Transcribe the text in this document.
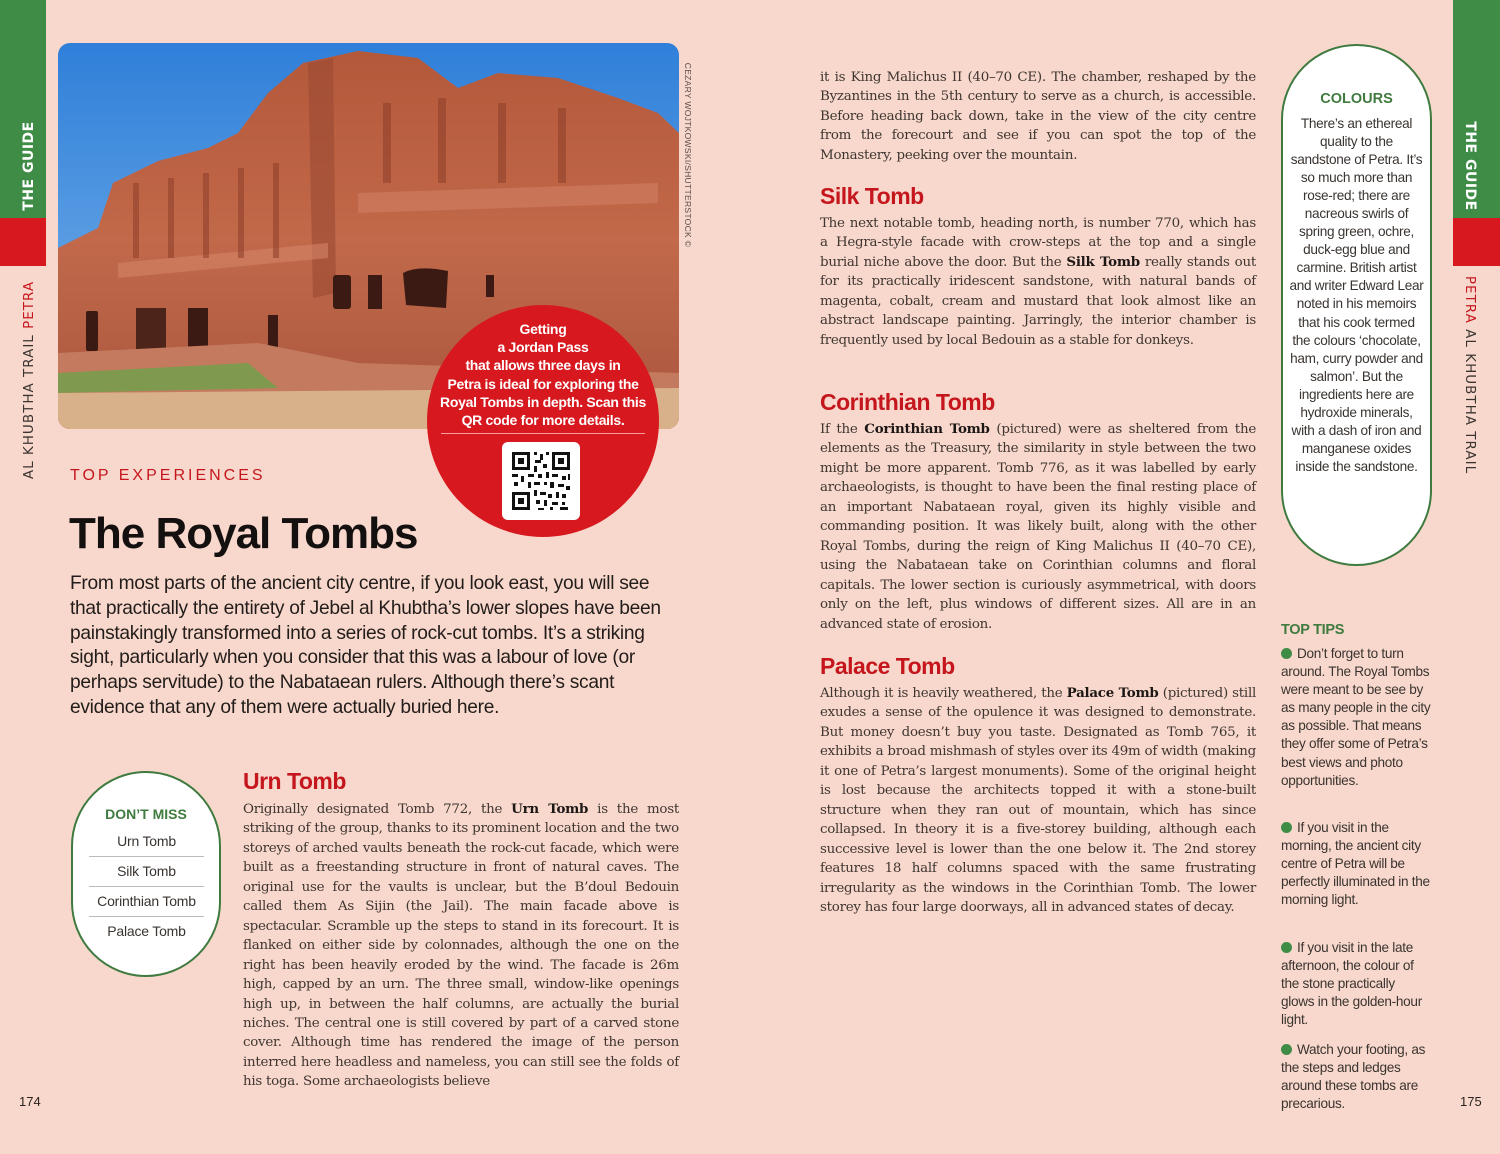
THE GUIDE
AL KHUBTHA TRAIL PETRA
CEZARY WOJTKOWSKI/SHUTTERSTOCK ©
Getting
a Jordan Pass
that allows three days in
Petra is ideal for exploring the
Royal Tombs in depth. Scan this
QR code for more details.
TOP EXPERIENCES
The Royal Tombs
From most parts of the ancient city centre, if you look east, you will see that practically the entirety of Jebel al Khubtha’s lower slopes have been painstakingly transformed into a series of rock-cut tombs. It’s a striking sight, particularly when you consider that this was a labour of love (or perhaps servitude) to the Nabataean rulers. Although there’s scant evidence that any of them were actually buried here.
DON’T MISS
Urn Tomb
Silk Tomb
Corinthian Tomb
Palace Tomb
Urn Tomb
Originally designated Tomb 772, the Urn Tomb is the most striking of the group, thanks to its prominent location and the two storeys of arched vaults beneath the rock-cut facade, which were built as a freestanding structure in front of natural caves. The original use for the vaults is unclear, but the B’doul Bedouin called them As Sijin (the Jail). The main facade above is spectacular. Scramble up the steps to stand in its forecourt. It is flanked on either side by colonnades, although the one on the right has been heavily eroded by the wind. The facade is 26m high, capped by an urn. The three small, window-like openings high up, in between the half columns, are actually the burial niches. The central one is still covered by part of a carved stone cover. Although time has rendered the image of the person interred here headless and nameless, you can still see the folds of his toga. Some archaeologists believe
174
it is King Malichus II (40–70 CE). The chamber, reshaped by the Byzantines in the 5th century to serve as a church, is accessible. Before heading back down, take in the view of the city centre from the forecourt and see if you can spot the top of the Monastery, peeking over the mountain.
Silk Tomb
The next notable tomb, heading north, is number 770, which has a Hegra-style facade with crow-steps at the top and a single burial niche above the door. But the Silk Tomb really stands out for its practically iridescent sandstone, with natural bands of magenta, cobalt, cream and mustard that look almost like an abstract landscape painting. Jarringly, the interior chamber is frequently used by local Bedouin as a stable for donkeys.
Corinthian Tomb
If the Corinthian Tomb (pictured) were as sheltered from the elements as the Treasury, the similarity in style between the two might be more apparent. Tomb 776, as it was labelled by early archaeologists, is thought to have been the final resting place of an important Nabataean royal, given its highly visible and commanding position. It was likely built, along with the other Royal Tombs, during the reign of King Malichus II (40–70 CE), using the Nabataean take on Corinthian columns and floral capitals. The lower section is curiously asymmetrical, with doors only on the left, plus windows of different sizes. All are in an advanced state of erosion.
Palace Tomb
Although it is heavily weathered, the Palace Tomb (pictured) still exudes a sense of the opulence it was designed to demonstrate. But money doesn’t buy you taste. Designated as Tomb 765, it exhibits a broad mishmash of styles over its 49m of width (making it one of Petra’s largest monuments). Some of the original height is lost because the architects topped it with a stone-built structure when they ran out of mountain, which has since collapsed. In theory it is a five-storey building, although each successive level is lower than the one below it. The 2nd storey features 18 half columns spaced with the same frustrating irregularity as the windows in the Corinthian Tomb. The lower storey has four large doorways, all in advanced states of decay.
COLOURS
There’s an ethereal quality to the sandstone of Petra. It’s so much more than rose-red; there are nacreous swirls of spring green, ochre, duck-egg blue and carmine. British artist and writer Edward Lear noted in his memoirs that his cook termed the colours ‘chocolate, ham, curry powder and salmon’. But the ingredients here are hydroxide minerals, with a dash of iron and manganese oxides inside the sandstone.
TOP TIPS
Don’t forget to turn around. The Royal Tombs were meant to be see by as many people in the city as possible. That means they offer some of Petra’s best views and photo opportunities.
If you visit in the morning, the ancient city centre of Petra will be perfectly illuminated in the morning light.
If you visit in the late afternoon, the colour of the stone practically glows in the golden-hour light.
Watch your footing, as the steps and ledges around these tombs are precarious.
THE GUIDE
PETRA AL KHUBTHA TRAIL
175
